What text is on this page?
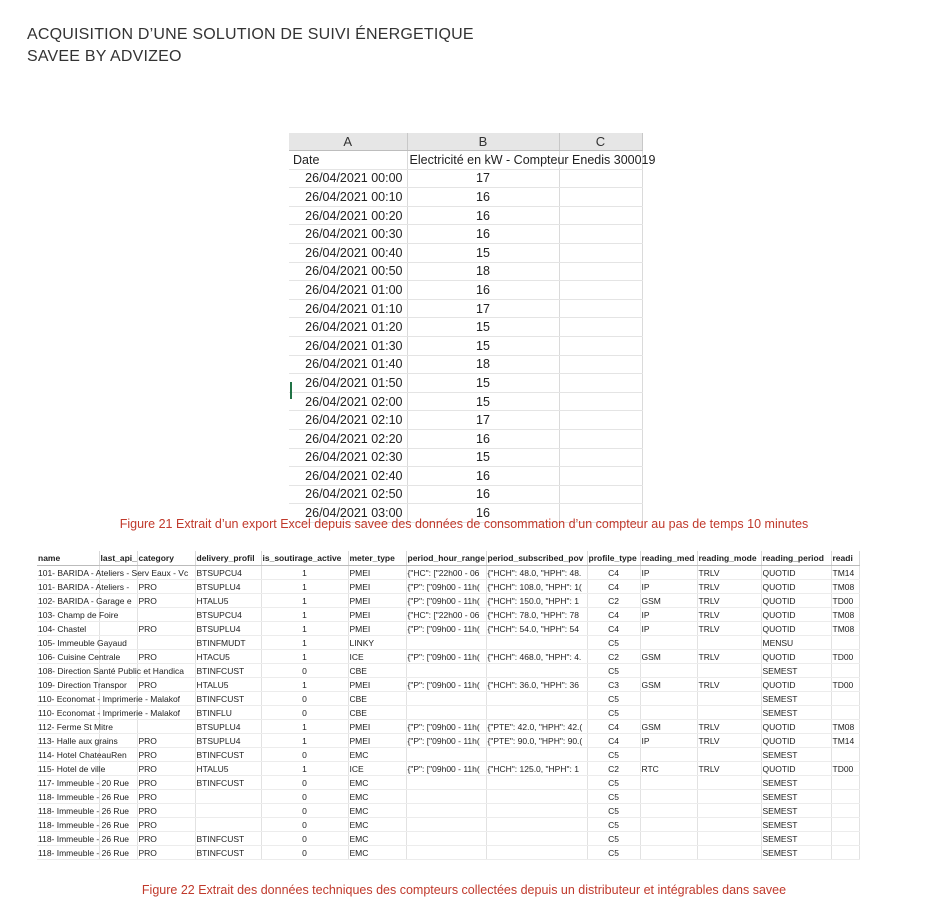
ACQUISITION D’UNE SOLUTION DE SUIVI ÉNERGETIQUE
SAVEE BY ADVIZEO
A	B	C
Date	Electricité en kW - Compteur Enedis 300019	
26/04/2021 00:00	17	
26/04/2021 00:10	16	
26/04/2021 00:20	16	
26/04/2021 00:30	16	
26/04/2021 00:40	15	
26/04/2021 00:50	18	
26/04/2021 01:00	16	
26/04/2021 01:10	17	
26/04/2021 01:20	15	
26/04/2021 01:30	15	
26/04/2021 01:40	18	
26/04/2021 01:50	15	
26/04/2021 02:00	15	
26/04/2021 02:10	17	
26/04/2021 02:20	16	
26/04/2021 02:30	15	
26/04/2021 02:40	16	
26/04/2021 02:50	16	
26/04/2021 03:00	16	
Figure 21 Extrait d’un export Excel depuis savee des données de consommation d’un compteur au pas de temps 10 minutes
name	last_api_	category	delivery_profil	is_soutirage_active	meter_type	period_hour_range	period_subscribed_pov	profile_type	reading_med	reading_mode	reading_period	readi
101- BARIDA - Ateliers - Serv Eaux - Vc			BTSUPCU4	1	PMEI	{"HC": ["22h00 - 06	{"HCH": 48.0, "HPH": 48.	C4	IP	TRLV	QUOTID	TM14
101- BARIDA - Ateliers -		PRO	BTSUPLU4	1	PMEI	{"P": ["09h00 - 11h(	{"HCH": 108.0, "HPH": 1(	C4	IP	TRLV	QUOTID	TM08
102- BARIDA - Garage e		PRO	HTALU5	1	PMEI	{"P": ["09h00 - 11h(	{"HCH": 150.0, "HPH": 1	C2	GSM	TRLV	QUOTID	TD00
103- Champ de Foire			BTSUPCU4	1	PMEI	{"HC": ["22h00 - 06	{"HCH": 78.0, "HPH": 78	C4	IP	TRLV	QUOTID	TM08
104- Chastel		PRO	BTSUPLU4	1	PMEI	{"P": ["09h00 - 11h(	{"HCH": 54.0, "HPH": 54	C4	IP	TRLV	QUOTID	TM08
105- Immeuble Gayaud			BTINFMUDT	1	LINKY			C5			MENSU	
106- Cuisine Centrale		PRO	HTACU5	1	ICE	{"P": ["09h00 - 11h(	{"HCH": 468.0, "HPH": 4.	C2	GSM	TRLV	QUOTID	TD00
108- Direction Santé Public et Handica			BTINFCUST	0	CBE			C5			SEMEST	
109- Direction Transpor		PRO	HTALU5	1	PMEI	{"P": ["09h00 - 11h(	{"HCH": 36.0, "HPH": 36	C3	GSM	TRLV	QUOTID	TD00
110- Economat - Imprimerie - Malakof			BTINFCUST	0	CBE			C5			SEMEST	
110- Economat - Imprimerie - Malakof			BTINFLU	0	CBE			C5			SEMEST	
112- Ferme St Mitre			BTSUPLU4	1	PMEI	{"P": ["09h00 - 11h(	{"PTE": 42.0, "HPH": 42.(	C4	GSM	TRLV	QUOTID	TM08
113- Halle aux grains		PRO	BTSUPLU4	1	PMEI	{"P": ["09h00 - 11h(	{"PTE": 90.0, "HPH": 90.(	C4	IP	TRLV	QUOTID	TM14
114- Hotel ChateauRen		PRO	BTINFCUST	0	EMC			C5			SEMEST	
115- Hotel de ville		PRO	HTALU5	1	ICE	{"P": ["09h00 - 11h(	{"HCH": 125.0, "HPH": 1	C2	RTC	TRLV	QUOTID	TD00
117- Immeuble - 20 Rue		PRO	BTINFCUST	0	EMC			C5			SEMEST	
118- Immeuble - 26 Rue		PRO		0	EMC			C5			SEMEST	
118- Immeuble - 26 Rue		PRO		0	EMC			C5			SEMEST	
118- Immeuble - 26 Rue		PRO		0	EMC			C5			SEMEST	
118- Immeuble - 26 Rue		PRO	BTINFCUST	0	EMC			C5			SEMEST	
118- Immeuble - 26 Rue		PRO	BTINFCUST	0	EMC			C5			SEMEST	
Figure 22 Extrait des données techniques des compteurs collectées depuis un distributeur et intégrables dans savee
